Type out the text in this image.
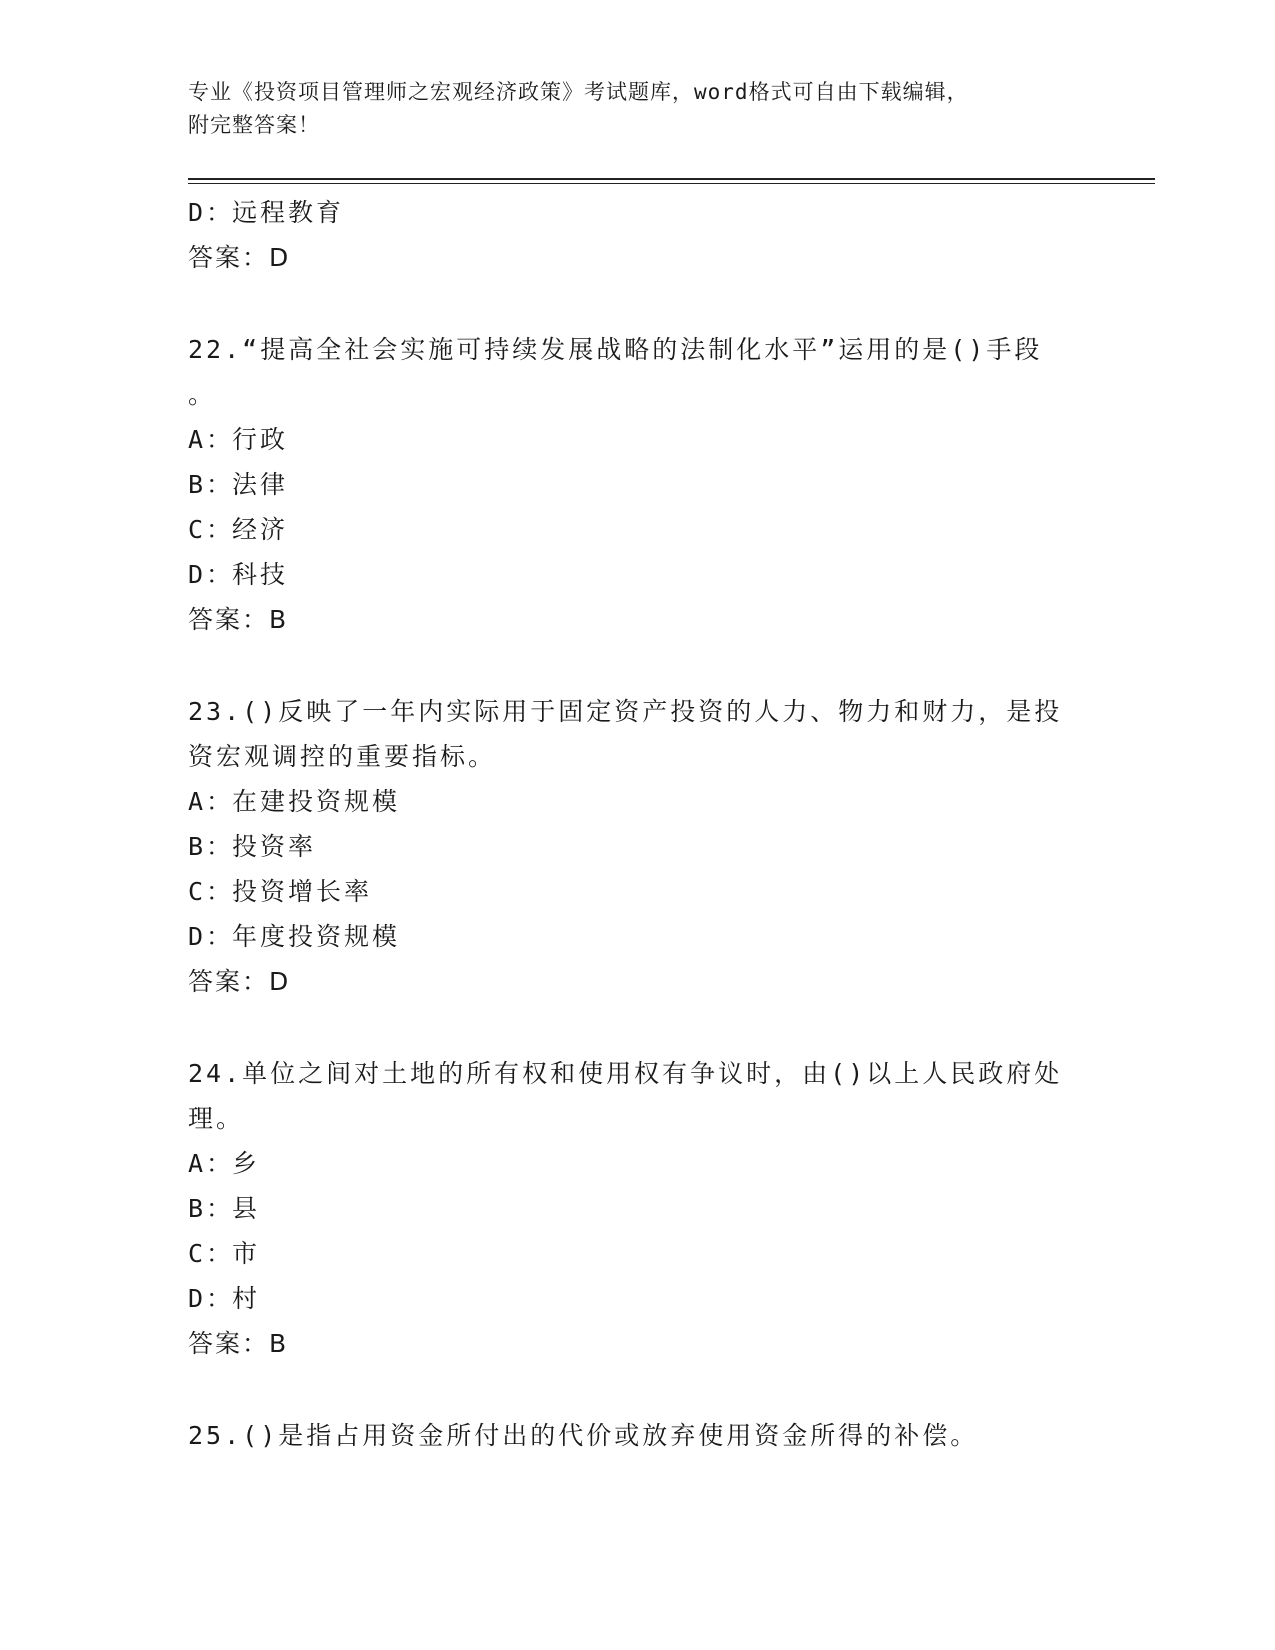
专业《投资项目管理师之宏观经济政策》考试题库，word格式可自由下载编辑，
附完整答案！
D：远程教育
答案：D
22.“提高全社会实施可持续发展战略的法制化水平”运用的是()手段
。
A：行政
B：法律
C：经济
D：科技
答案：B
23.()反映了一年内实际用于固定资产投资的人力、物力和财力，是投
资宏观调控的重要指标。
A：在建投资规模
B：投资率
C：投资增长率
D：年度投资规模
答案：D
24.单位之间对土地的所有权和使用权有争议时，由()以上人民政府处
理。
A：乡
B：县
C：市
D：村
答案：B
25.()是指占用资金所付出的代价或放弃使用资金所得的补偿。
